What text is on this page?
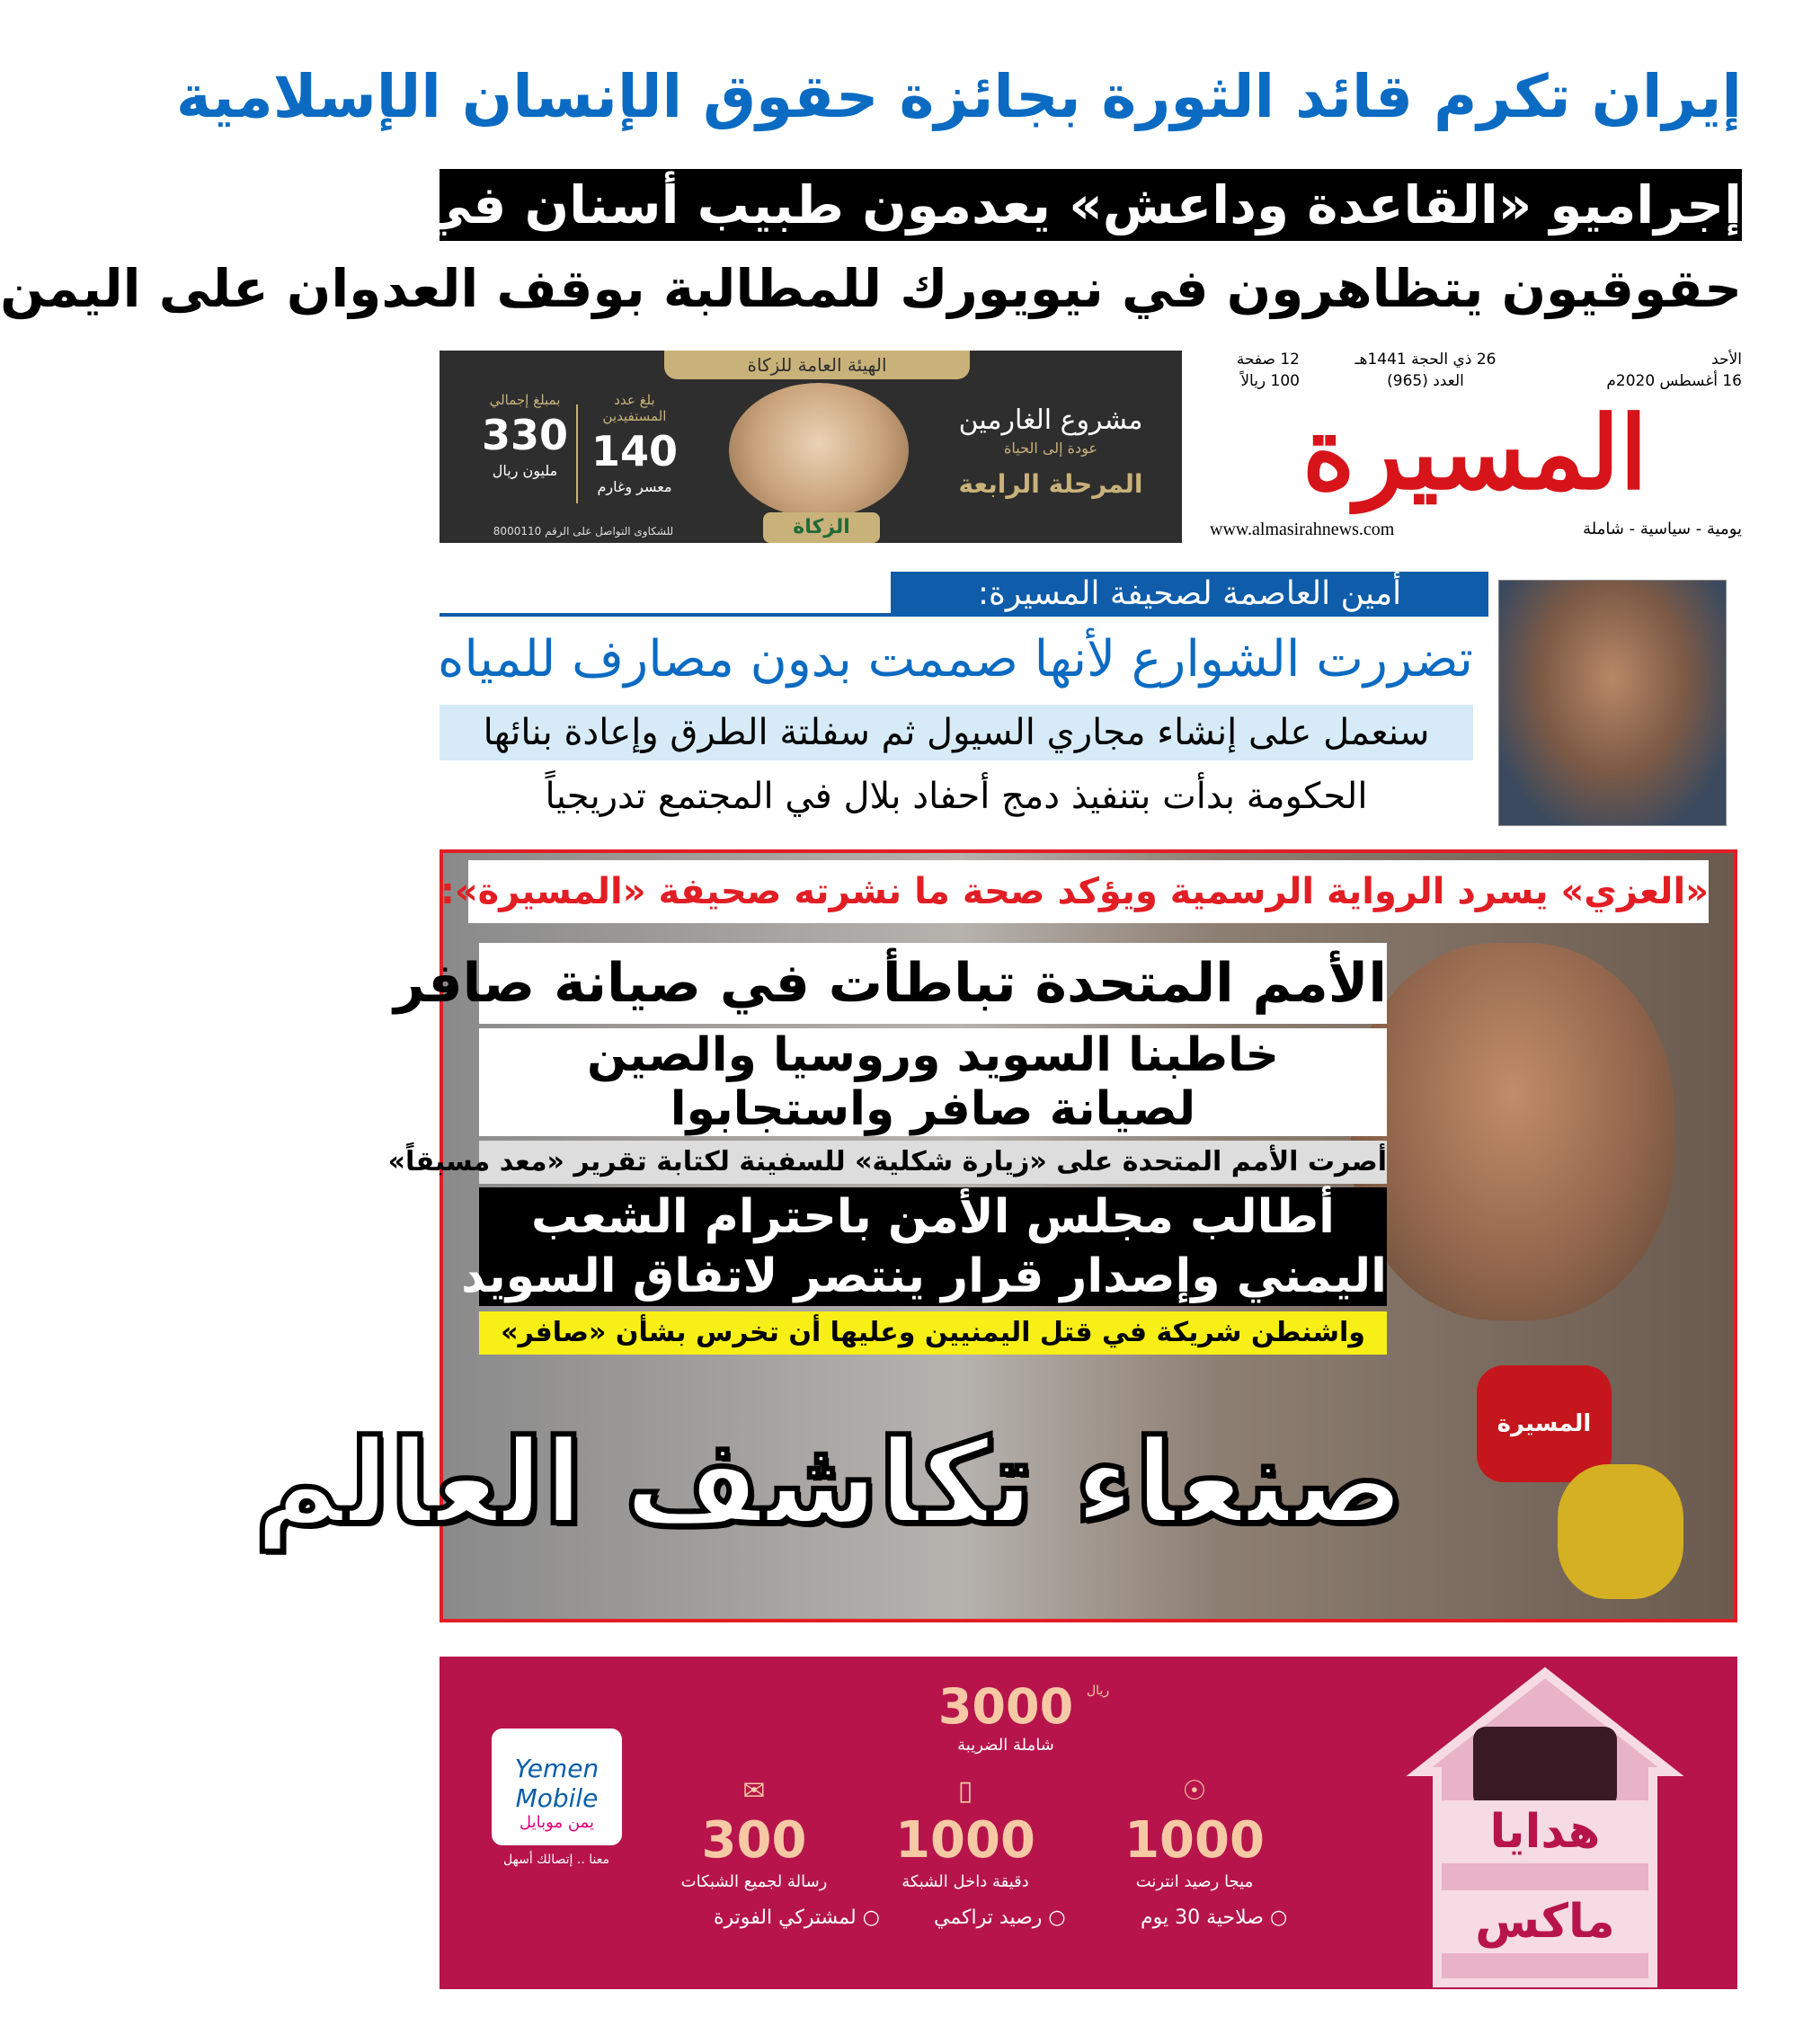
إيران تكرم قائد الثورة بجائزة حقوق الإنسان الإسلامية
إجراميو «القاعدة وداعش» يعدمون طبيب أسنان في البيضاء
حقوقيون يتظاهرون في نيويورك للمطالبة بوقف العدوان على اليمن
الأحد
16 أغسطس 2020م
26 ذي الحجة 1441هـ
العدد (965)
12 صفحة
100 ريالاً
المسيرة
يومية - سياسية - شاملة
www.almasirahnews.com
الهيئة العامة للزكاة
الزكاة
مشروع الغارمين
عودة إلى الحياة
المرحلة الرابعة
بلغ عدد المستفيدين
140
معسر وغارم
بمبلغ إجمالي
330
مليون ريال
للشكاوى التواصل على الرقم 8000110
أمين العاصمة لصحيفة المسيرة:
تضررت الشوارع لأنها صممت بدون مصارف للمياه
سنعمل على إنشاء مجاري السيول ثم سفلتة الطرق وإعادة بنائها
الحكومة بدأت بتنفيذ دمج أحفاد بلال في المجتمع تدريجياً
المسيرة
«العزي» يسرد الرواية الرسمية ويؤكد صحة ما نشرته صحيفة «المسيرة»:
الأمم المتحدة تباطأت في صيانة صافر
خاطبنا السويد وروسيا والصين
لصيانة صافر واستجابوا
أصرت الأمم المتحدة على «زيارة شكلية» للسفينة لكتابة تقرير «معد مسبقاً»
أطالب مجلس الأمن باحترام الشعب
اليمني وإصدار قرار ينتصر لاتفاق السويد
واشنطن شريكة في قتل اليمنيين وعليها أن تخرس بشأن «صافر»
صنعاء تكاشف العالم
هدايا
ماكس
ريال
3000
شاملة الضريبة
☉
1000
ميجا رصيد انترنت
▯
1000
دقيقة داخل الشبكة
✉
300
رسالة لجميع الشبكات
○ صلاحية 30 يوم
○ رصيد تراكمي
○ لمشتركي الفوترة
Yemen Mobile
يمن موبايل
معنا .. إتصالك أسهل
